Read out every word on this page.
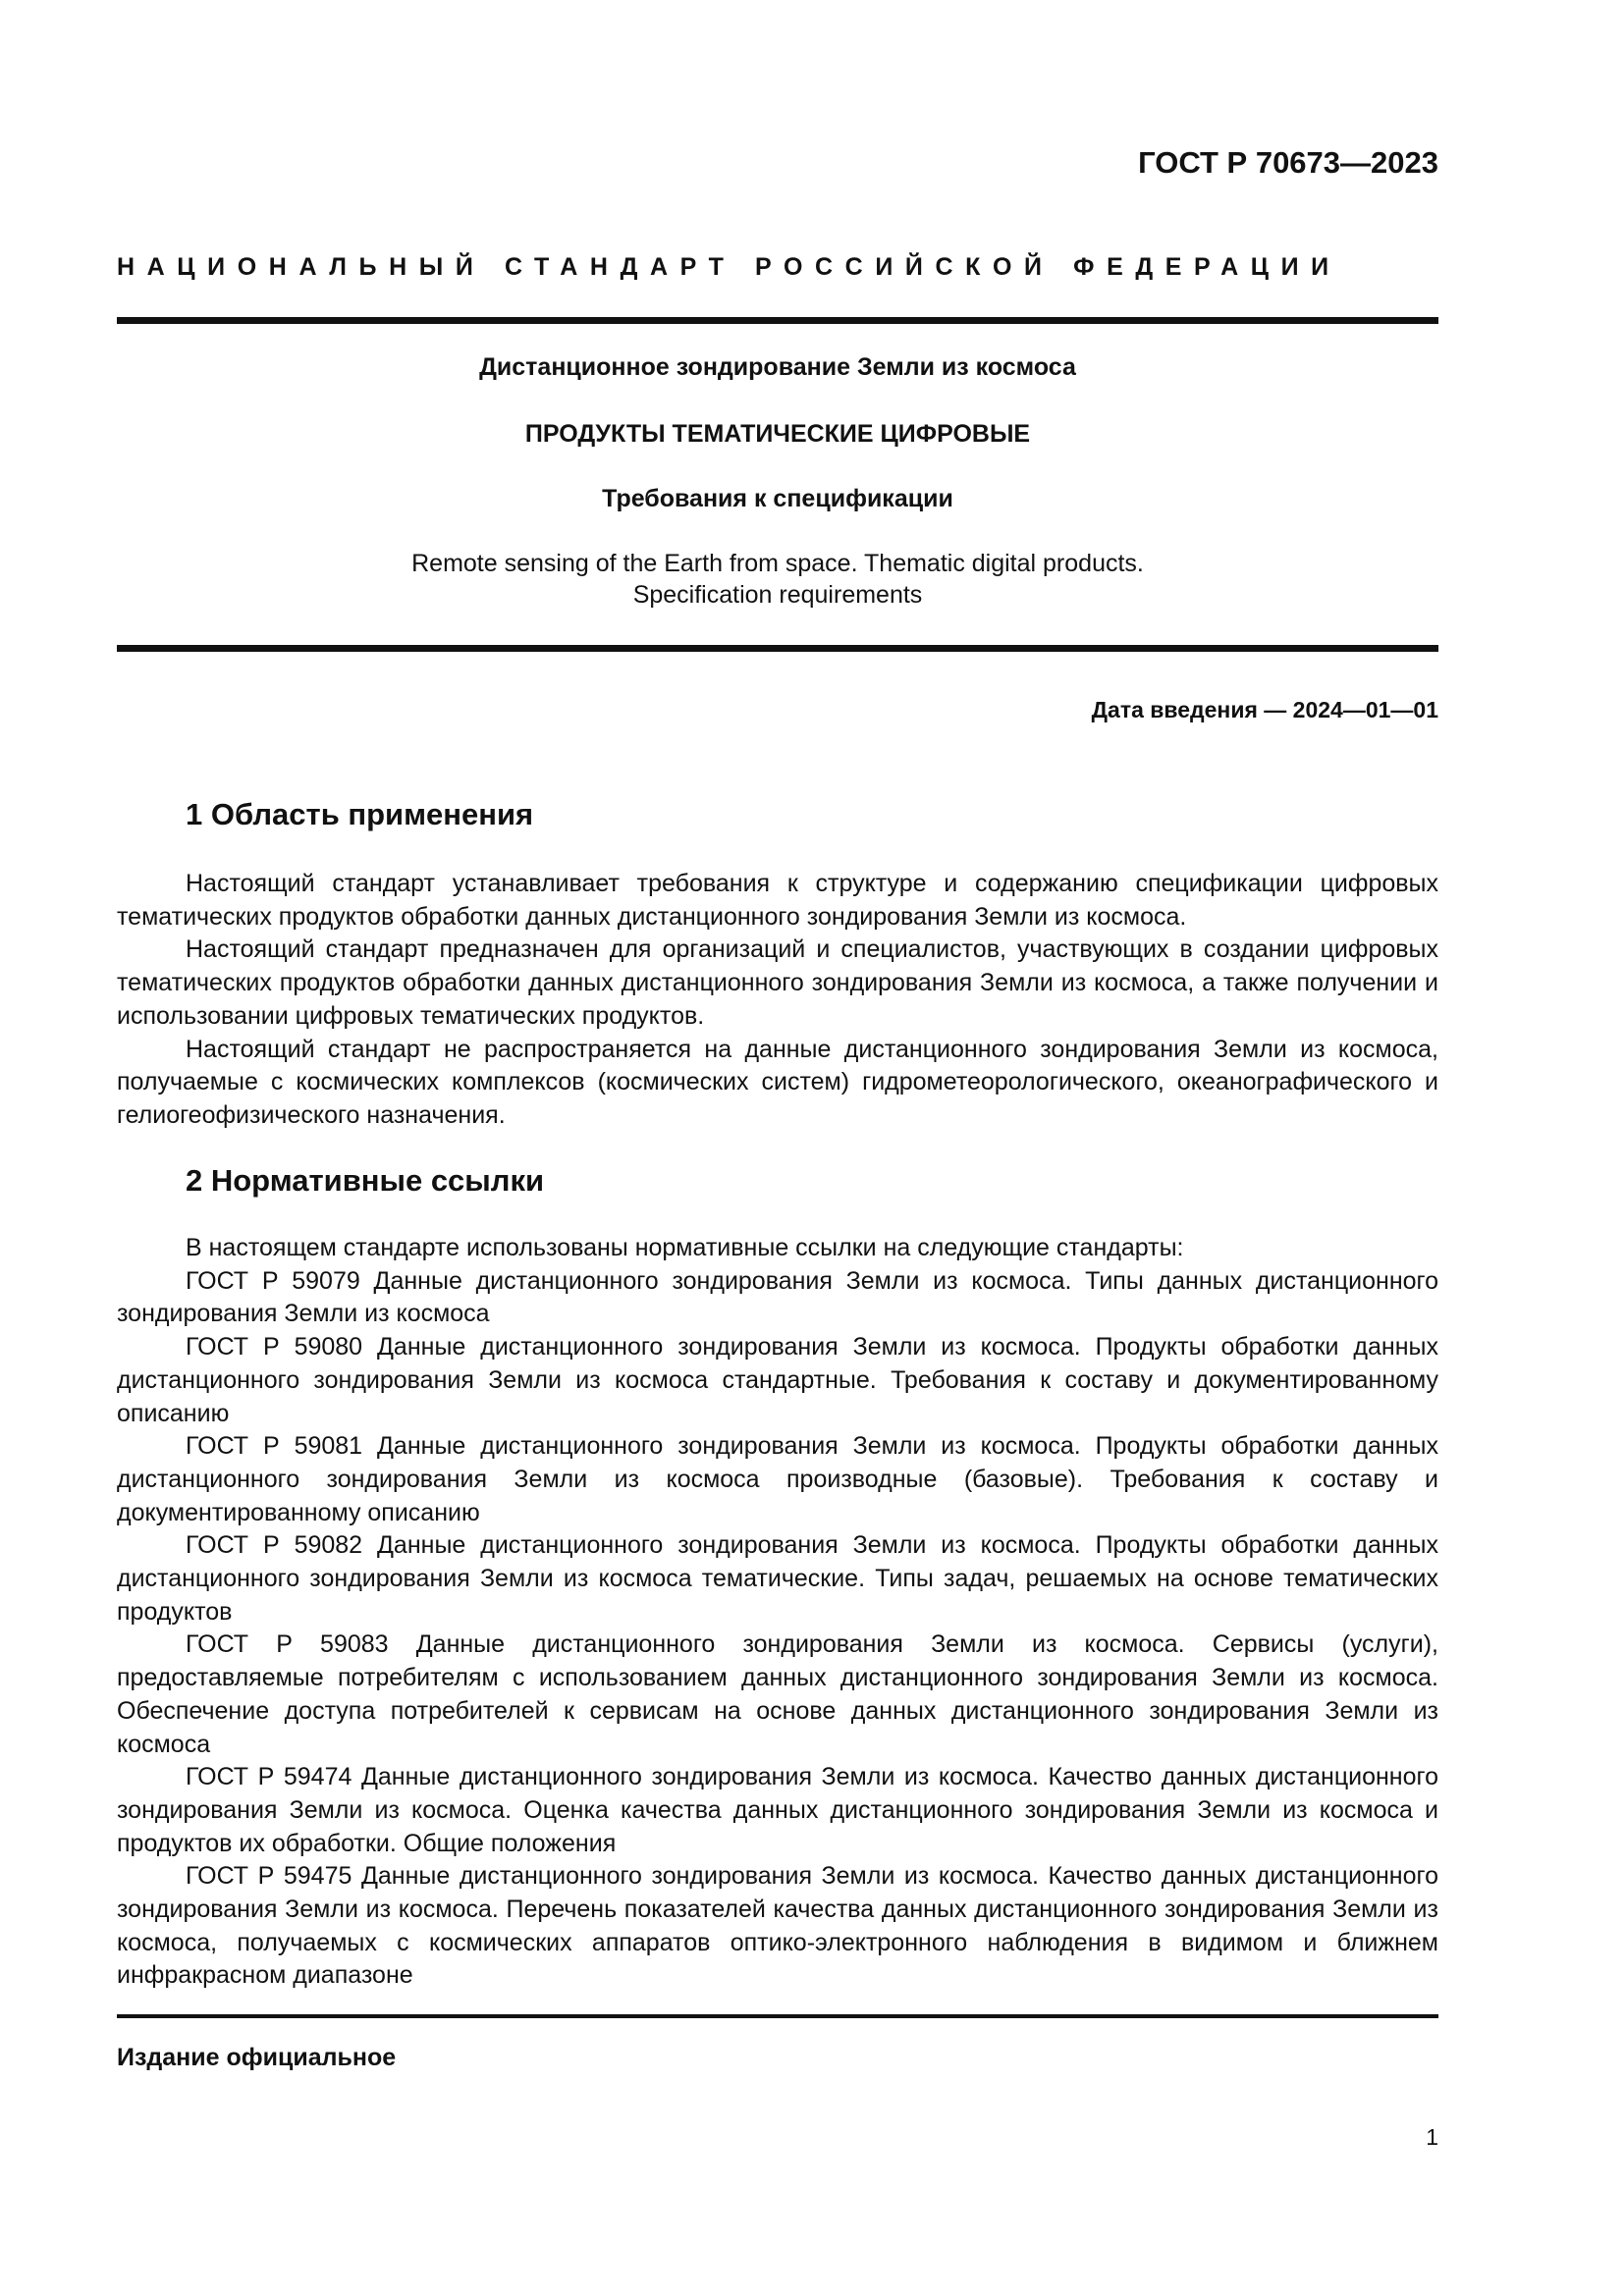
ГОСТ Р 70673—2023

НАЦИОНАЛЬНЫЙ СТАНДАРТ РОССИЙСКОЙ ФЕДЕРАЦИИ

Дистанционное зондирование Земли из космоса
ПРОДУКТЫ ТЕМАТИЧЕСКИЕ ЦИФРОВЫЕ
Требования к спецификации
Remote sensing of the Earth from space. Thematic digital products.
Specification requirements

Дата введения — 2024—01—01

1 Область применения

Настоящий стандарт устанавливает требования к структуре и содержанию спецификации цифровых тематических продуктов обработки данных дистанционного зондирования Земли из космоса.

Настоящий стандарт предназначен для организаций и специалистов, участвующих в создании цифровых тематических продуктов обработки данных дистанционного зондирования Земли из космоса, а также получении и использовании цифровых тематических продуктов.

Настоящий стандарт не распространяется на данные дистанционного зондирования Земли из космоса, получаемые с космических комплексов (космических систем) гидрометеорологического, океанографического и гелиогеофизического назначения.

2 Нормативные ссылки

В настоящем стандарте использованы нормативные ссылки на следующие стандарты:

ГОСТ Р 59079 Данные дистанционного зондирования Земли из космоса. Типы данных дистанционного зондирования Земли из космоса

ГОСТ Р 59080 Данные дистанционного зондирования Земли из космоса. Продукты обработки данных дистанционного зондирования Земли из космоса стандартные. Требования к составу и документированному описанию

ГОСТ Р 59081 Данные дистанционного зондирования Земли из космоса. Продукты обработки данных дистанционного зондирования Земли из космоса производные (базовые). Требования к составу и документированному описанию

ГОСТ Р 59082 Данные дистанционного зондирования Земли из космоса. Продукты обработки данных дистанционного зондирования Земли из космоса тематические. Типы задач, решаемых на основе тематических продуктов

ГОСТ Р 59083 Данные дистанционного зондирования Земли из космоса. Сервисы (услуги), предоставляемые потребителям с использованием данных дистанционного зондирования Земли из космоса. Обеспечение доступа потребителей к сервисам на основе данных дистанционного зондирования Земли из космоса

ГОСТ Р 59474 Данные дистанционного зондирования Земли из космоса. Качество данных дистанционного зондирования Земли из космоса. Оценка качества данных дистанционного зондирования Земли из космоса и продуктов их обработки. Общие положения

ГОСТ Р 59475 Данные дистанционного зондирования Земли из космоса. Качество данных дистанционного зондирования Земли из космоса. Перечень показателей качества данных дистанционного зондирования Земли из космоса, получаемых с космических аппаратов оптико-электронного наблюдения в видимом и ближнем инфракрасном диапазоне

Издание официальное

1
